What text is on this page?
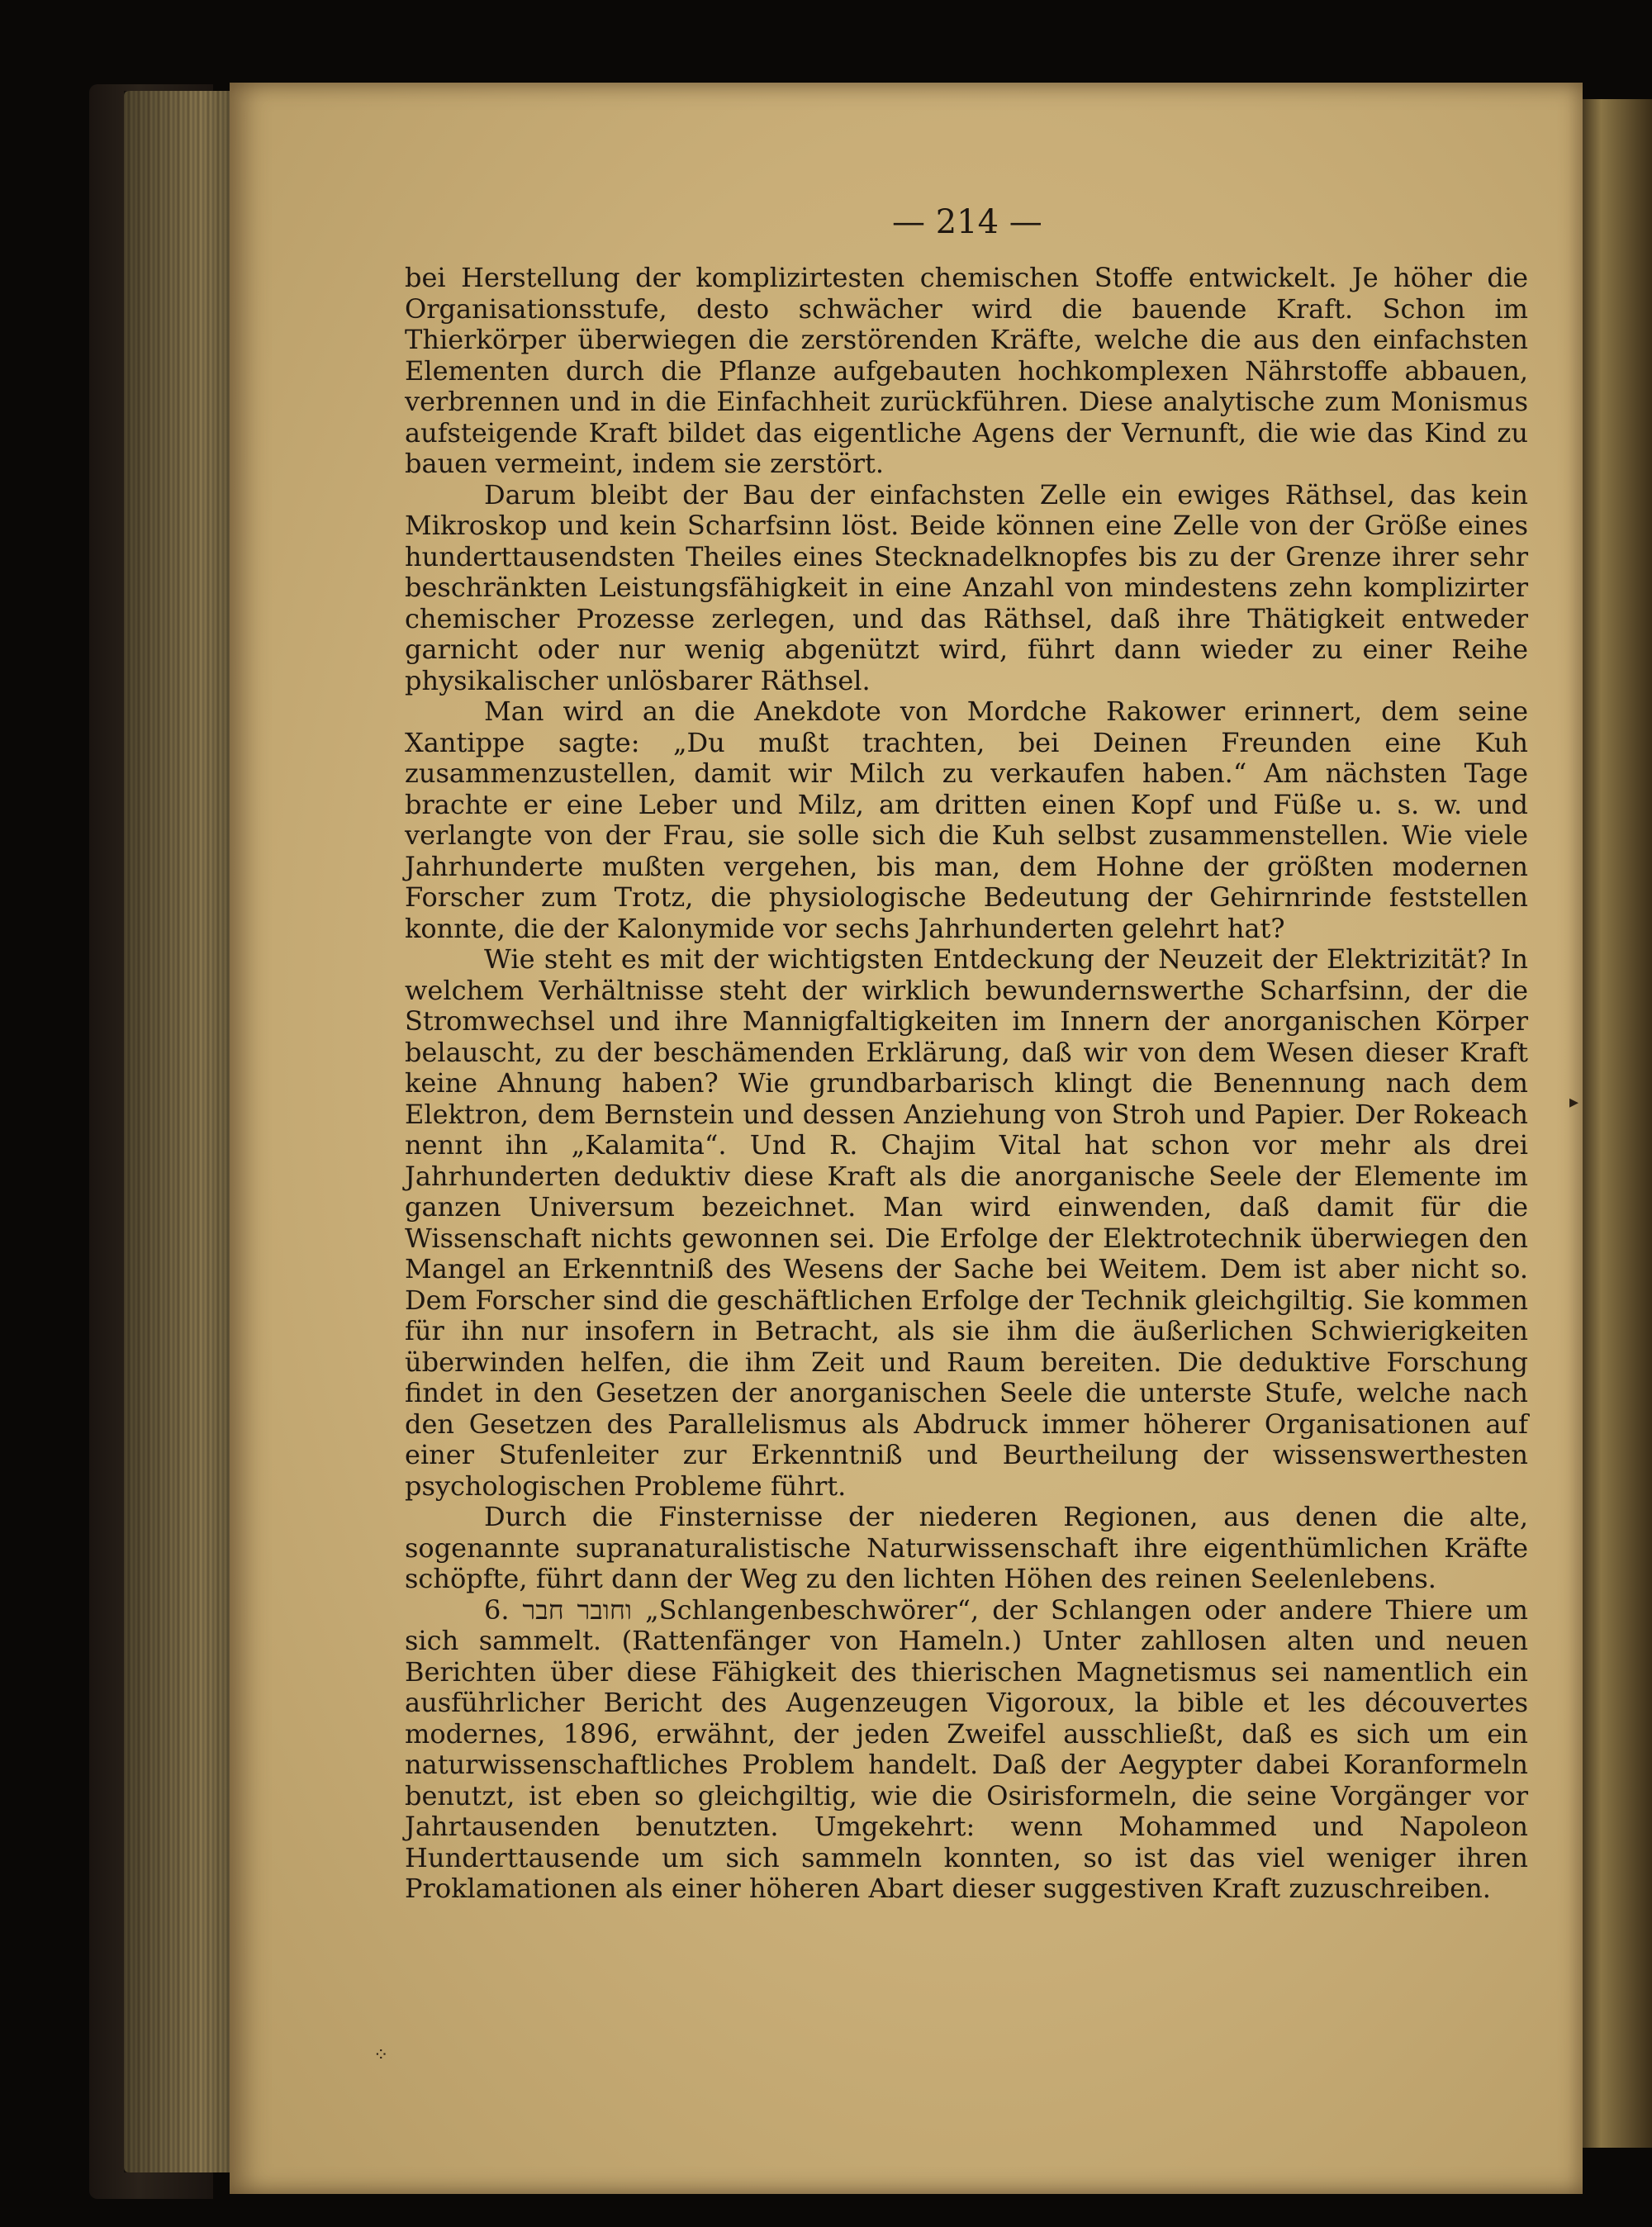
— 214 —

bei Herstellung der komplizirtesten chemischen Stoffe entwickelt. Je höher die Organisationsstufe, desto schwächer wird die bauende Kraft. Schon im Thierkörper überwiegen die zerstörenden Kräfte, welche die aus den einfachsten Elementen durch die Pflanze aufgebauten hochkomplexen Nährstoffe abbauen, verbrennen und in die Einfachheit zurückführen. Diese analytische zum Monismus aufsteigende Kraft bildet das eigentliche Agens der Vernunft, die wie das Kind zu bauen vermeint, indem sie zerstört.

Darum bleibt der Bau der einfachsten Zelle ein ewiges Räthsel, das kein Mikroskop und kein Scharfsinn löst. Beide können eine Zelle von der Größe eines hunderttausendsten Theiles eines Stecknadelknopfes bis zu der Grenze ihrer sehr beschränkten Leistungsfähigkeit in eine Anzahl von mindestens zehn komplizirter chemischer Prozesse zerlegen, und das Räthsel, daß ihre Thätigkeit entweder garnicht oder nur wenig abgenützt wird, führt dann wieder zu einer Reihe physikalischer unlösbarer Räthsel.

Man wird an die Anekdote von Mordche Rakower erinnert, dem seine Xantippe sagte: „Du mußt trachten, bei Deinen Freunden eine Kuh zusammenzustellen, damit wir Milch zu verkaufen haben.“ Am nächsten Tage brachte er eine Leber und Milz, am dritten einen Kopf und Füße u. s. w. und verlangte von der Frau, sie solle sich die Kuh selbst zusammenstellen. Wie viele Jahrhunderte mußten vergehen, bis man, dem Hohne der größten modernen Forscher zum Trotz, die physiologische Bedeutung der Gehirnrinde feststellen konnte, die der Kalonymide vor sechs Jahrhunderten gelehrt hat?

Wie steht es mit der wichtigsten Entdeckung der Neuzeit der Elektrizität? In welchem Verhältnisse steht der wirklich bewundernswerthe Scharfsinn, der die Stromwechsel und ihre Mannigfaltigkeiten im Innern der anorganischen Körper belauscht, zu der beschämenden Erklärung, daß wir von dem Wesen dieser Kraft keine Ahnung haben? Wie grundbarbarisch klingt die Benennung nach dem Elektron, dem Bernstein und dessen Anziehung von Stroh und Papier. Der Rokeach nennt ihn „Kalamita“. Und R. Chajim Vital hat schon vor mehr als drei Jahrhunderten deduktiv diese Kraft als die anorganische Seele der Elemente im ganzen Universum bezeichnet. Man wird einwenden, daß damit für die Wissenschaft nichts gewonnen sei. Die Erfolge der Elektrotechnik überwiegen den Mangel an Erkenntniß des Wesens der Sache bei Weitem. Dem ist aber nicht so. Dem Forscher sind die geschäftlichen Erfolge der Technik gleichgiltig. Sie kommen für ihn nur insofern in Betracht, als sie ihm die äußerlichen Schwierigkeiten überwinden helfen, die ihm Zeit und Raum bereiten. Die deduktive Forschung findet in den Gesetzen der anorganischen Seele die unterste Stufe, welche nach den Gesetzen des Parallelismus als Abdruck immer höherer Organisationen auf einer Stufenleiter zur Erkenntniß und Beurtheilung der wissenswerthesten psychologischen Probleme führt.

Durch die Finsternisse der niederen Regionen, aus denen die alte, sogenannte supranaturalistische Naturwissenschaft ihre eigenthümlichen Kräfte schöpfte, führt dann der Weg zu den lichten Höhen des reinen Seelenlebens.

6. וחובר חבר „Schlangenbeschwörer“, der Schlangen oder andere Thiere um sich sammelt. (Rattenfänger von Hameln.) Unter zahllosen alten und neuen Berichten über diese Fähigkeit des thierischen Magnetismus sei namentlich ein ausführlicher Bericht des Augenzeugen Vigoroux, la bible et les découvertes modernes, 1896, erwähnt, der jeden Zweifel ausschließt, daß es sich um ein naturwissenschaftliches Problem handelt. Daß der Aegypter dabei Koranformeln benutzt, ist eben so gleichgiltig, wie die Osirisformeln, die seine Vorgänger vor Jahrtausenden benutzten. Umgekehrt: wenn Mohammed und Napoleon Hunderttausende um sich sammeln konnten, so ist das viel weniger ihren Proklamationen als einer höheren Abart dieser suggestiven Kraft zuzuschreiben.

⁘
▸
